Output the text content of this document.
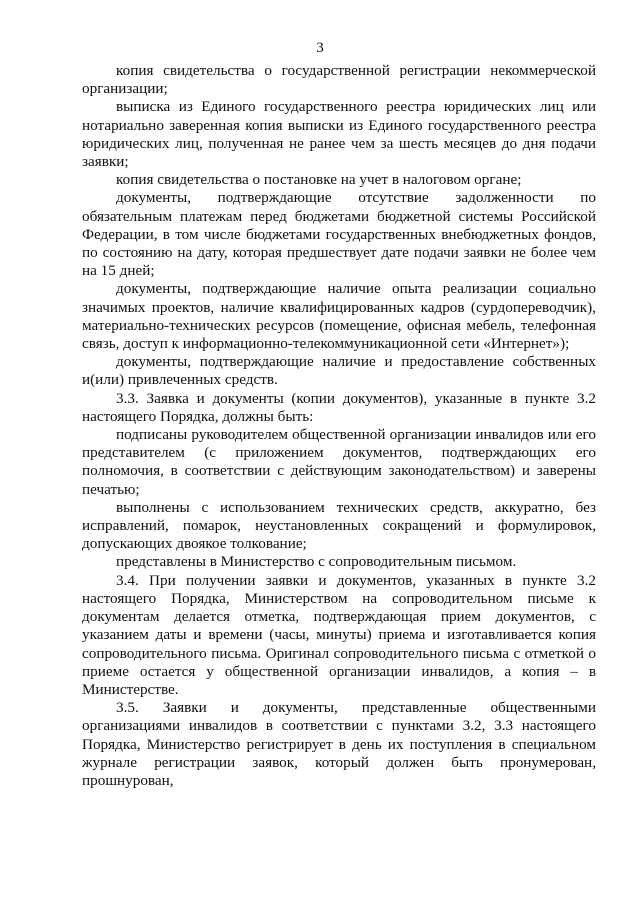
3

копия свидетельства о государственной регистрации некоммерческой организации;

выписка из Единого государственного реестра юридических лиц или нотариально заверенная копия выписки из Единого государственного реестра юридических лиц, полученная не ранее чем за шесть месяцев до дня подачи заявки;

копия свидетельства о постановке на учет в налоговом органе;

документы, подтверждающие отсутствие задолженности по обязательным платежам перед бюджетами бюджетной системы Российской Федерации, в том числе бюджетами государственных внебюджетных фондов, по состоянию на дату, которая предшествует дате подачи заявки не более чем на 15 дней;

документы, подтверждающие наличие опыта реализации социально значимых проектов, наличие квалифицированных кадров (сурдопереводчик), материально-технических ресурсов (помещение, офисная мебель, телефонная связь, доступ к информационно-телекоммуникационной сети «Интернет»);

документы, подтверждающие наличие и предоставление собственных и(или) привлеченных средств.

3.3. Заявка и документы (копии документов), указанные в пункте 3.2 настоящего Порядка, должны быть:

подписаны руководителем общественной организации инвалидов или его представителем (с приложением документов, подтверждающих его полномочия, в соответствии с действующим законодательством) и заверены печатью;

выполнены с использованием технических средств, аккуратно, без исправлений, помарок, неустановленных сокращений и формулировок, допускающих двоякое толкование;

представлены в Министерство с сопроводительным письмом.

3.4. При получении заявки и документов, указанных в пункте 3.2 настоящего Порядка, Министерством на сопроводительном письме к документам делается отметка, подтверждающая прием документов, с указанием даты и времени (часы, минуты) приема и изготавливается копия сопроводительного письма. Оригинал сопроводительного письма с отметкой о приеме остается у общественной организации инвалидов, а копия – в Министерстве.

3.5. Заявки и документы, представленные общественными организациями инвалидов в соответствии с пунктами 3.2, 3.3 настоящего Порядка, Министерство регистрирует в день их поступления в специальном журнале регистрации заявок, который должен быть пронумерован, прошнурован,
